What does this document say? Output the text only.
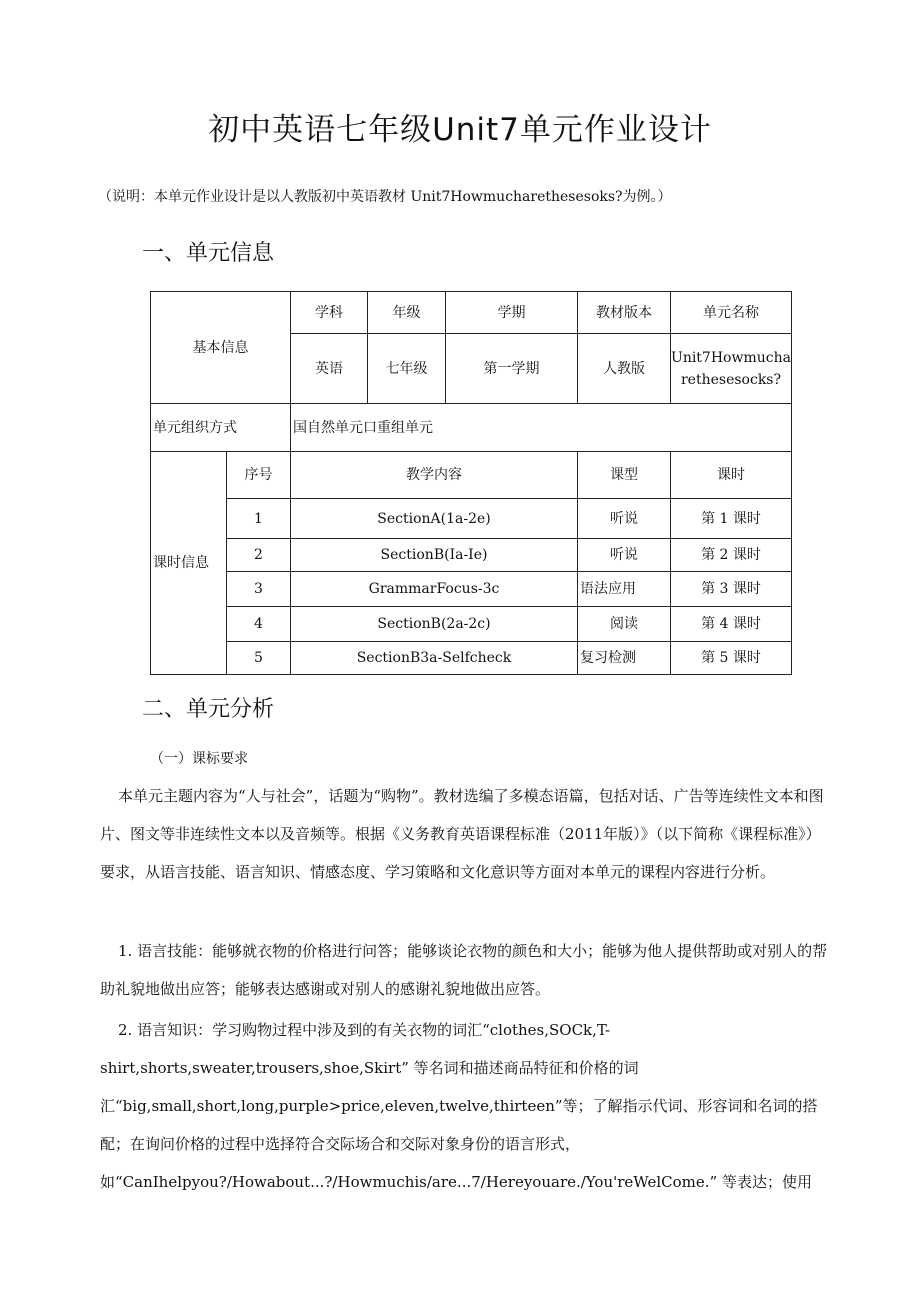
初中英语七年级Unit7单元作业设计
（说明：本单元作业设计是以人教版初中英语教材 Unit7Howmucharethesesoks?为例。）
一、单元信息
基本信息		学科	年级	学期	教材版本	单元名称
		英语	七年级	第一学期	人教版	Unit7Howmucharethesesocks?
单元组织方式		国自然单元口重组单元				
课时信息	序号	教学内容			课型	课时
	1	SectionA(1a-2e)			听说	第 1 课时
	2	SectionB(Ia-Ie)			听说	第 2 课时
	3	GrammarFocus-3c			语法应用	第 3 课时
	4	SectionB(2a-2c)			阅读	第 4 课时
	5	SectionB3a-Selfcheck			复习检测	第 5 课时
二、单元分析
（一）课标要求
本单元主题内容为“人与社会”，话题为“购物”。教材选编了多模态语篇，包括对话、广告等连续性文本和图片、图文等非连续性文本以及音频等。根据《义务教育英语课程标准（2011年版）》（以下简称《课程标准》）要求，从语言技能、语言知识、情感态度、学习策略和文化意识等方面对本单元的课程内容进行分析。
1. 语言技能：能够就衣物的价格进行问答；能够谈论衣物的颜色和大小；能够为他人提供帮助或对别人的帮助礼貌地做出应答；能够表达感谢或对别人的感谢礼貌地做出应答。
2. 语言知识：学习购物过程中涉及到的有关衣物的词汇“clothes,SOCk,T-shirt,shorts,sweater,trousers,shoe,Skirt” 等名词和描述商品特征和价格的词汇“big,small,short,long,purple>price,eleven,twelve,thirteen”等；了解指示代词、形容词和名词的搭配；在询问价格的过程中选择符合交际场合和交际对象身份的语言形式，如“CanIhelpyou?/Howabout...?/Howmuchis/are...7/Hereyouare./You'reWelCome.” 等表达；使用
